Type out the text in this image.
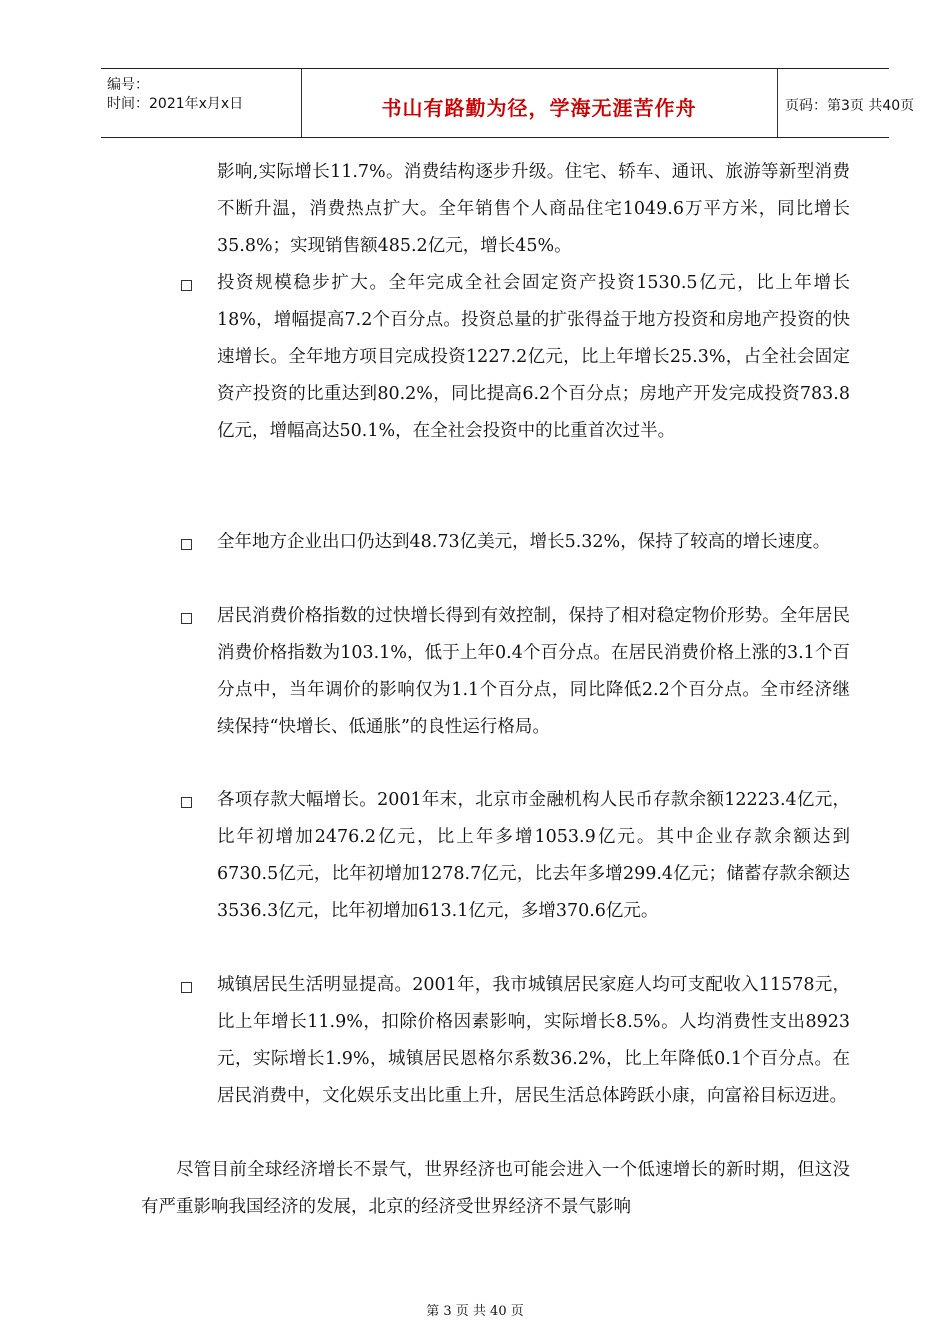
编号：
时间：2021年x月x日	书山有路勤为径，学海无涯苦作舟	页码：第3页 共40页
影响,实际增长11.7%。消费结构逐步升级。住宅、轿车、通讯、旅游等新型消费不断升温，消费热点扩大。全年销售个人商品住宅1049.6万平方米，同比增长35.8%；实现销售额485.2亿元，增长45%。
投资规模稳步扩大。全年完成全社会固定资产投资1530.5亿元，比上年增长18%，增幅提高7.2个百分点。投资总量的扩张得益于地方投资和房地产投资的快速增长。全年地方项目完成投资1227.2亿元，比上年增长25.3%，占全社会固定资产投资的比重达到80.2%，同比提高6.2个百分点；房地产开发完成投资783.8亿元，增幅高达50.1%，在全社会投资中的比重首次过半。
全年地方企业出口仍达到48.73亿美元，增长5.32%，保持了较高的增长速度。
居民消费价格指数的过快增长得到有效控制，保持了相对稳定物价形势。全年居民消费价格指数为103.1%，低于上年0.4个百分点。在居民消费价格上涨的3.1个百分点中，当年调价的影响仅为1.1个百分点，同比降低2.2个百分点。全市经济继续保持“快增长、低通胀”的良性运行格局。
各项存款大幅增长。2001年末，北京市金融机构人民币存款余额12223.4亿元，比年初增加2476.2亿元，比上年多增1053.9亿元。其中企业存款余额达到6730.5亿元，比年初增加1278.7亿元，比去年多增299.4亿元；储蓄存款余额达3536.3亿元，比年初增加613.1亿元，多增370.6亿元。
城镇居民生活明显提高。2001年，我市城镇居民家庭人均可支配收入11578元，比上年增长11.9%，扣除价格因素影响，实际增长8.5%。人均消费性支出8923元，实际增长1.9%，城镇居民恩格尔系数36.2%，比上年降低0.1个百分点。在居民消费中，文化娱乐支出比重上升，居民生活总体跨跃小康，向富裕目标迈进。
尽管目前全球经济增长不景气，世界经济也可能会进入一个低速增长的新时期，但这没有严重影响我国经济的发展，北京的经济受世界经济不景气影响
第 3 页 共 40 页
